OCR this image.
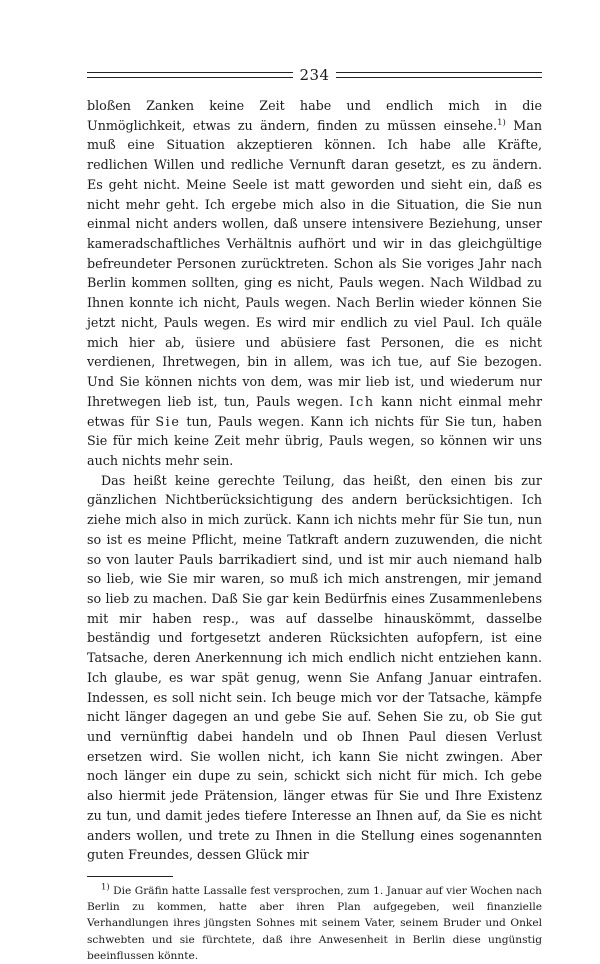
234

bloßen Zanken keine Zeit habe und endlich mich in die Unmöglichkeit, etwas zu ändern, finden zu müssen einsehe.$^{1)}$ Man muß eine Situation akzeptieren können. Ich habe alle Kräfte, redlichen Willen und redliche Vernunft daran gesetzt, es zu ändern. Es geht nicht. Meine Seele ist matt geworden und sieht ein, daß es nicht mehr geht. Ich ergebe mich also in die Situation, die Sie nun einmal nicht anders wollen, daß unsere intensivere Beziehung, unser kameradschaftliches Verhältnis aufhört und wir in das gleichgültige befreundeter Personen zurücktreten. Schon als Sie voriges Jahr nach Berlin kommen sollten, ging es nicht, Pauls wegen. Nach Wildbad zu Ihnen konnte ich nicht, Pauls wegen. Nach Berlin wieder können Sie jetzt nicht, Pauls wegen. Es wird mir endlich zu viel Paul. Ich quäle mich hier ab, üsiere und abüsiere fast Personen, die es nicht verdienen, Ihretwegen, bin in allem, was ich tue, auf Sie bezogen. Und Sie können nichts von dem, was mir lieb ist, und wiederum nur Ihretwegen lieb ist, tun, Pauls wegen. Ich kann nicht einmal mehr etwas für Sie tun, Pauls wegen. Kann ich nichts für Sie tun, haben Sie für mich keine Zeit mehr übrig, Pauls wegen, so können wir uns auch nichts mehr sein.

Das heißt keine gerechte Teilung, das heißt, den einen bis zur gänzlichen Nichtberücksichtigung des andern berücksichtigen. Ich ziehe mich also in mich zurück. Kann ich nichts mehr für Sie tun, nun so ist es meine Pflicht, meine Tatkraft andern zuzuwenden, die nicht so von lauter Pauls barrikadiert sind, und ist mir auch niemand halb so lieb, wie Sie mir waren, so muß ich mich anstrengen, mir jemand so lieb zu machen. Daß Sie gar kein Bedürfnis eines Zusammenlebens mit mir haben resp., was auf dasselbe hinauskömmt, dasselbe beständig und fortgesetzt anderen Rücksichten aufopfern, ist eine Tatsache, deren Anerkennung ich mich endlich nicht entziehen kann. Ich glaube, es war spät genug, wenn Sie Anfang Januar eintrafen. Indessen, es soll nicht sein. Ich beuge mich vor der Tatsache, kämpfe nicht länger dagegen an und gebe Sie auf. Sehen Sie zu, ob Sie gut und vernünftig dabei handeln und ob Ihnen Paul diesen Verlust ersetzen wird. Sie wollen nicht, ich kann Sie nicht zwingen. Aber noch länger ein dupe zu sein, schickt sich nicht für mich. Ich gebe also hiermit jede Prätension, länger etwas für Sie und Ihre Existenz zu tun, und damit jedes tiefere Interesse an Ihnen auf, da Sie es nicht anders wollen, und trete zu Ihnen in die Stellung eines sogenannten guten Freundes, dessen Glück mir

$^{1)}$ Die Gräfin hatte Lassalle fest versprochen, zum 1. Januar auf vier Wochen nach Berlin zu kommen, hatte aber ihren Plan aufgegeben, weil finanzielle Verhandlungen ihres jüngsten Sohnes mit seinem Vater, seinem Bruder und Onkel schwebten und sie fürchtete, daß ihre Anwesenheit in Berlin diese ungünstig beeinflussen könnte.
